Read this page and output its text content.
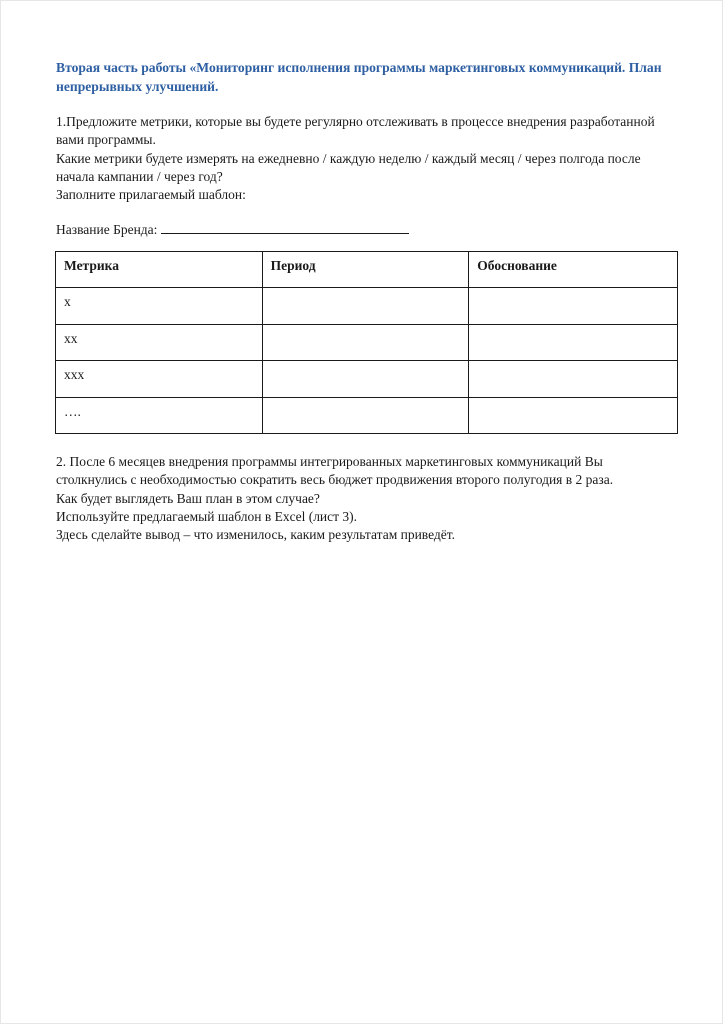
Вторая часть работы «Мониторинг исполнения программы маркетинговых коммуникаций. План
непрерывных улучшений.
1.Предложите метрики, которые вы будете регулярно отслеживать в процессе внедрения разработанной
вами программы.
Какие метрики будете измерять на ежедневно / каждую неделю / каждый месяц / через полгода после
начала кампании / через год?
Заполните прилагаемый шаблон:
Название Бренда:
Метрика	Период	Обоснование
х		
хх		
ххх		
….		
2. После 6 месяцев внедрения программы интегрированных маркетинговых коммуникаций Вы
столкнулись с необходимостью сократить весь бюджет продвижения второго полугодия в 2 раза.
Как будет выглядеть Ваш план в этом случае?
Используйте предлагаемый шаблон в Excel (лист 3).
Здесь сделайте вывод – что изменилось, каким результатам приведёт.
